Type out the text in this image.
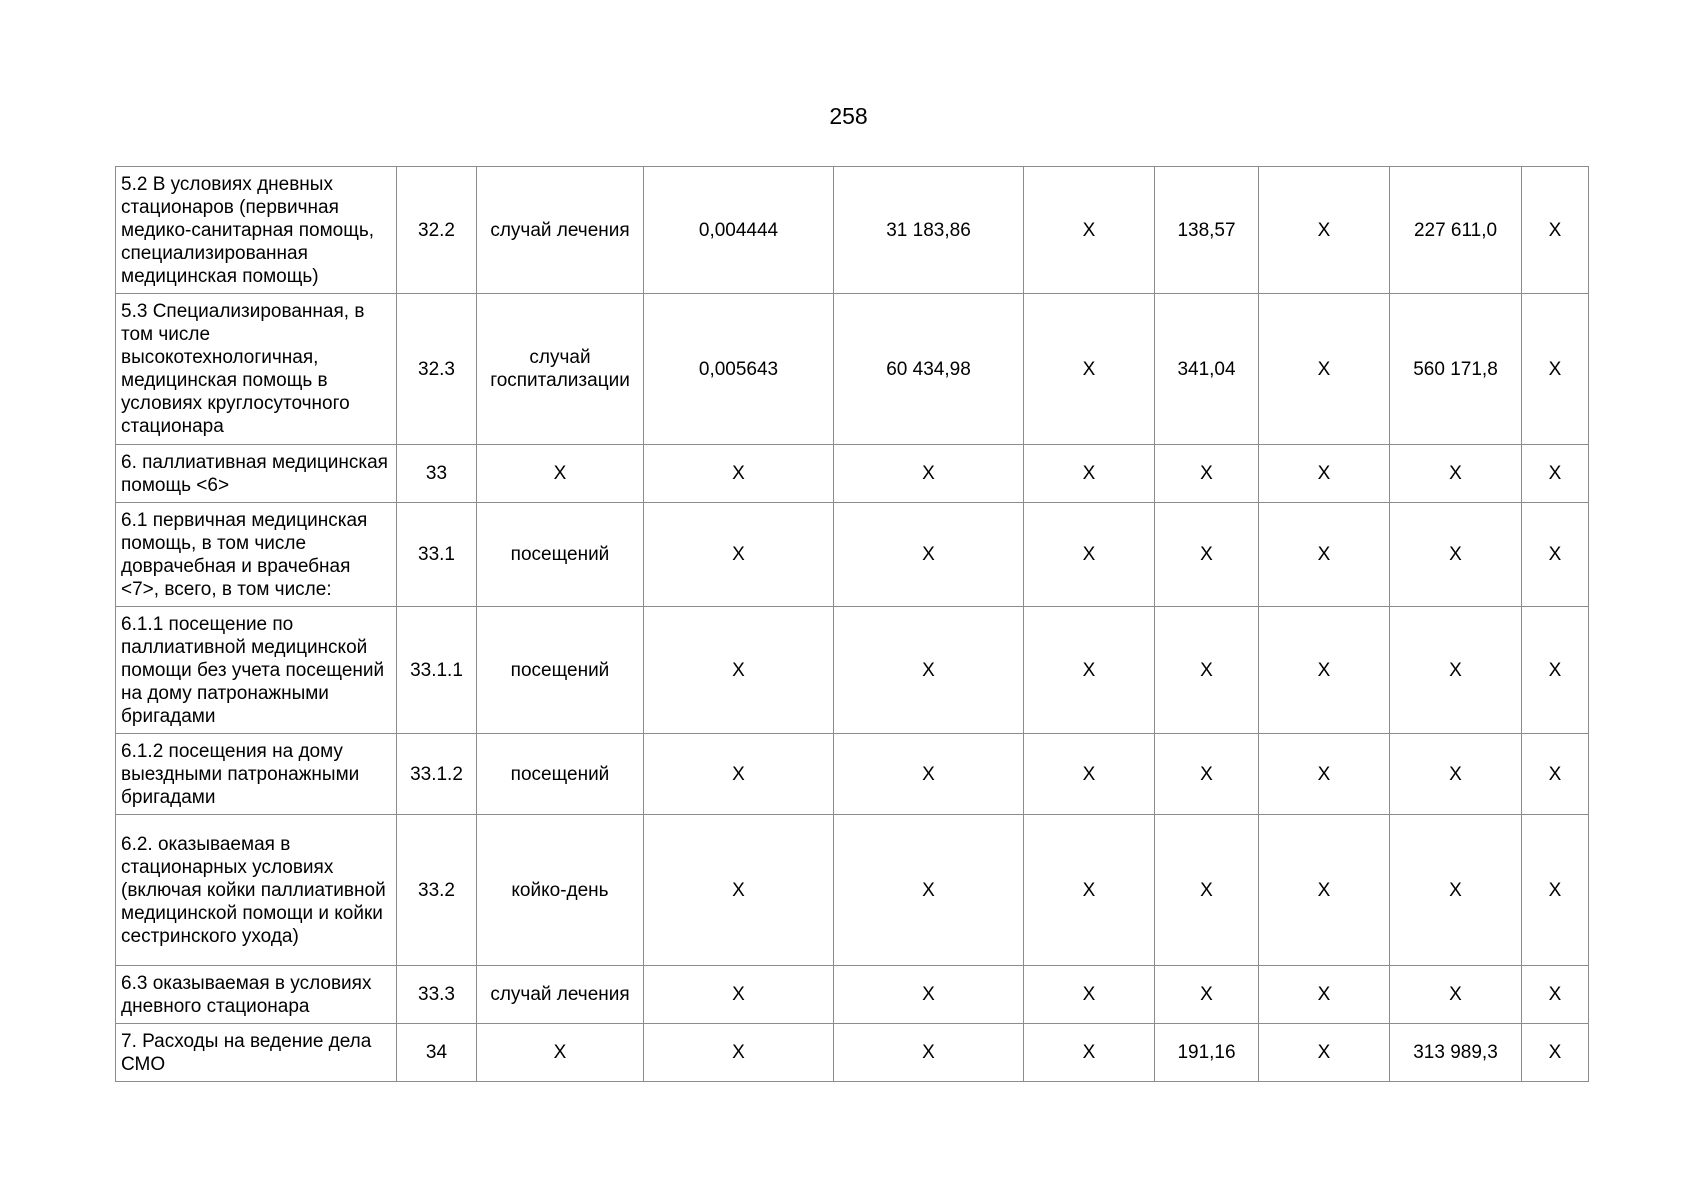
258
5.2 В условиях дневных стационаров (первичная медико-санитарная помощь, специализированная медицинская помощь)	32.2	случай лечения	0,004444	31 183,86	X	138,57	X	227 611,0	X
5.3 Специализированная, в том числе высокотехнологичная, медицинская помощь в условиях круглосуточного стационара	32.3	случай госпитализации	0,005643	60 434,98	X	341,04	X	560 171,8	X
6. паллиативная медицинская помощь <6>	33	X	X	X	X	X	X	X	X
6.1 первичная медицинская помощь, в том числе доврачебная и врачебная <7>, всего, в том числе:	33.1	посещений	X	X	X	X	X	X	X
6.1.1 посещение по паллиативной медицинской помощи без учета посещений на дому патронажными бригадами	33.1.1	посещений	X	X	X	X	X	X	X
6.1.2 посещения на дому выездными патронажными бригадами	33.1.2	посещений	X	X	X	X	X	X	X
6.2. оказываемая в стационарных условиях (включая койки паллиативной медицинской помощи и койки сестринского ухода)	33.2	койко-день	X	X	X	X	X	X	X
6.3 оказываемая в условиях дневного стационара	33.3	случай лечения	X	X	X	X	X	X	X
7. Расходы на ведение дела СМО	34	X	X	X	X	191,16	X	313 989,3	X
